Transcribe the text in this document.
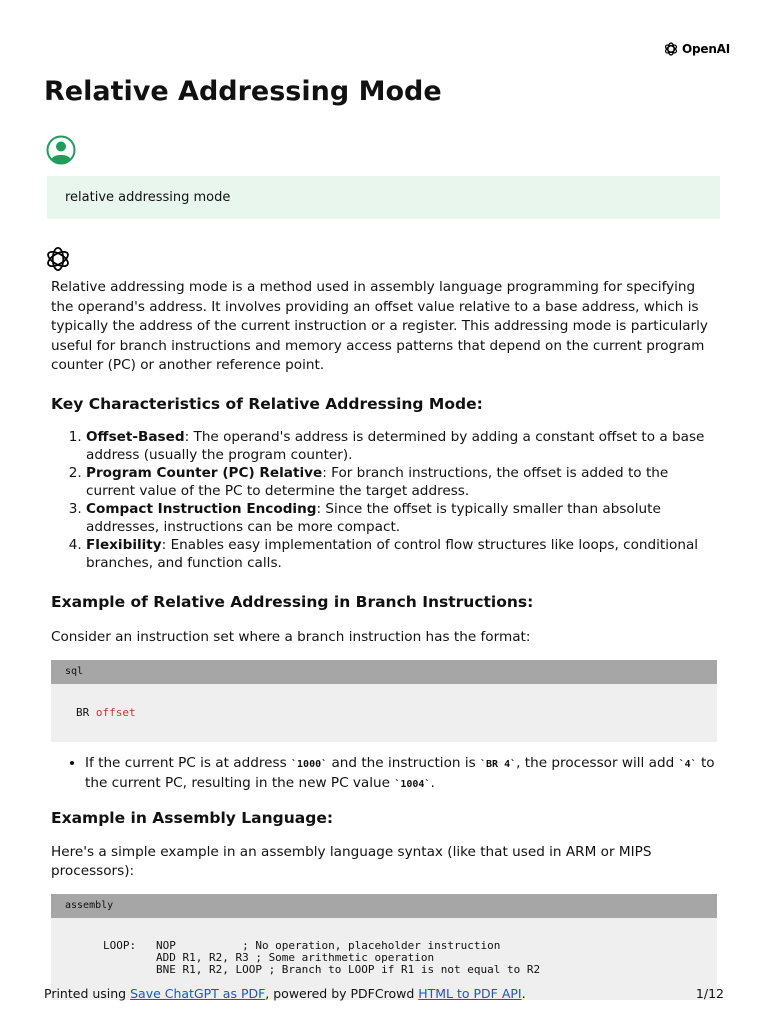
OpenAI
Relative Addressing Mode
relative addressing mode

Relative addressing mode is a method used in assembly language programming for specifying the operand's address. It involves providing an offset value relative to a base address, which is typically the address of the current instruction or a register. This addressing mode is particularly useful for branch instructions and memory access patterns that depend on the current program counter (PC) or another reference point.

Key Characteristics of Relative Addressing Mode:
1. Offset-Based: The operand's address is determined by adding a constant offset to a base address (usually the program counter).
2. Program Counter (PC) Relative: For branch instructions, the offset is added to the current value of the PC to determine the target address.
3. Compact Instruction Encoding: Since the offset is typically smaller than absolute addresses, instructions can be more compact.
4. Flexibility: Enables easy implementation of control flow structures like loops, conditional branches, and function calls.
Example of Relative Addressing in Branch Instructions:

Consider an instruction set where a branch instruction has the format:

sql
BR offset
• If the current PC is at address `1000` and the instruction is `BR 4`, the processor will add `4` to the current PC, resulting in the new PC value `1004`.
Example in Assembly Language:

Here's a simple example in an assembly language syntax (like that used in ARM or MIPS processors):

assembly
LOOP:   NOP          ; No operation, placeholder instruction
ADD R1, R2, R3 ; Some arithmetic operation
BNE R1, R2, LOOP ; Branch to LOOP if R1 is not equal to R2
Printed using Save ChatGPT as PDF, powered by PDFCrowd HTML to PDF API.	1/12
